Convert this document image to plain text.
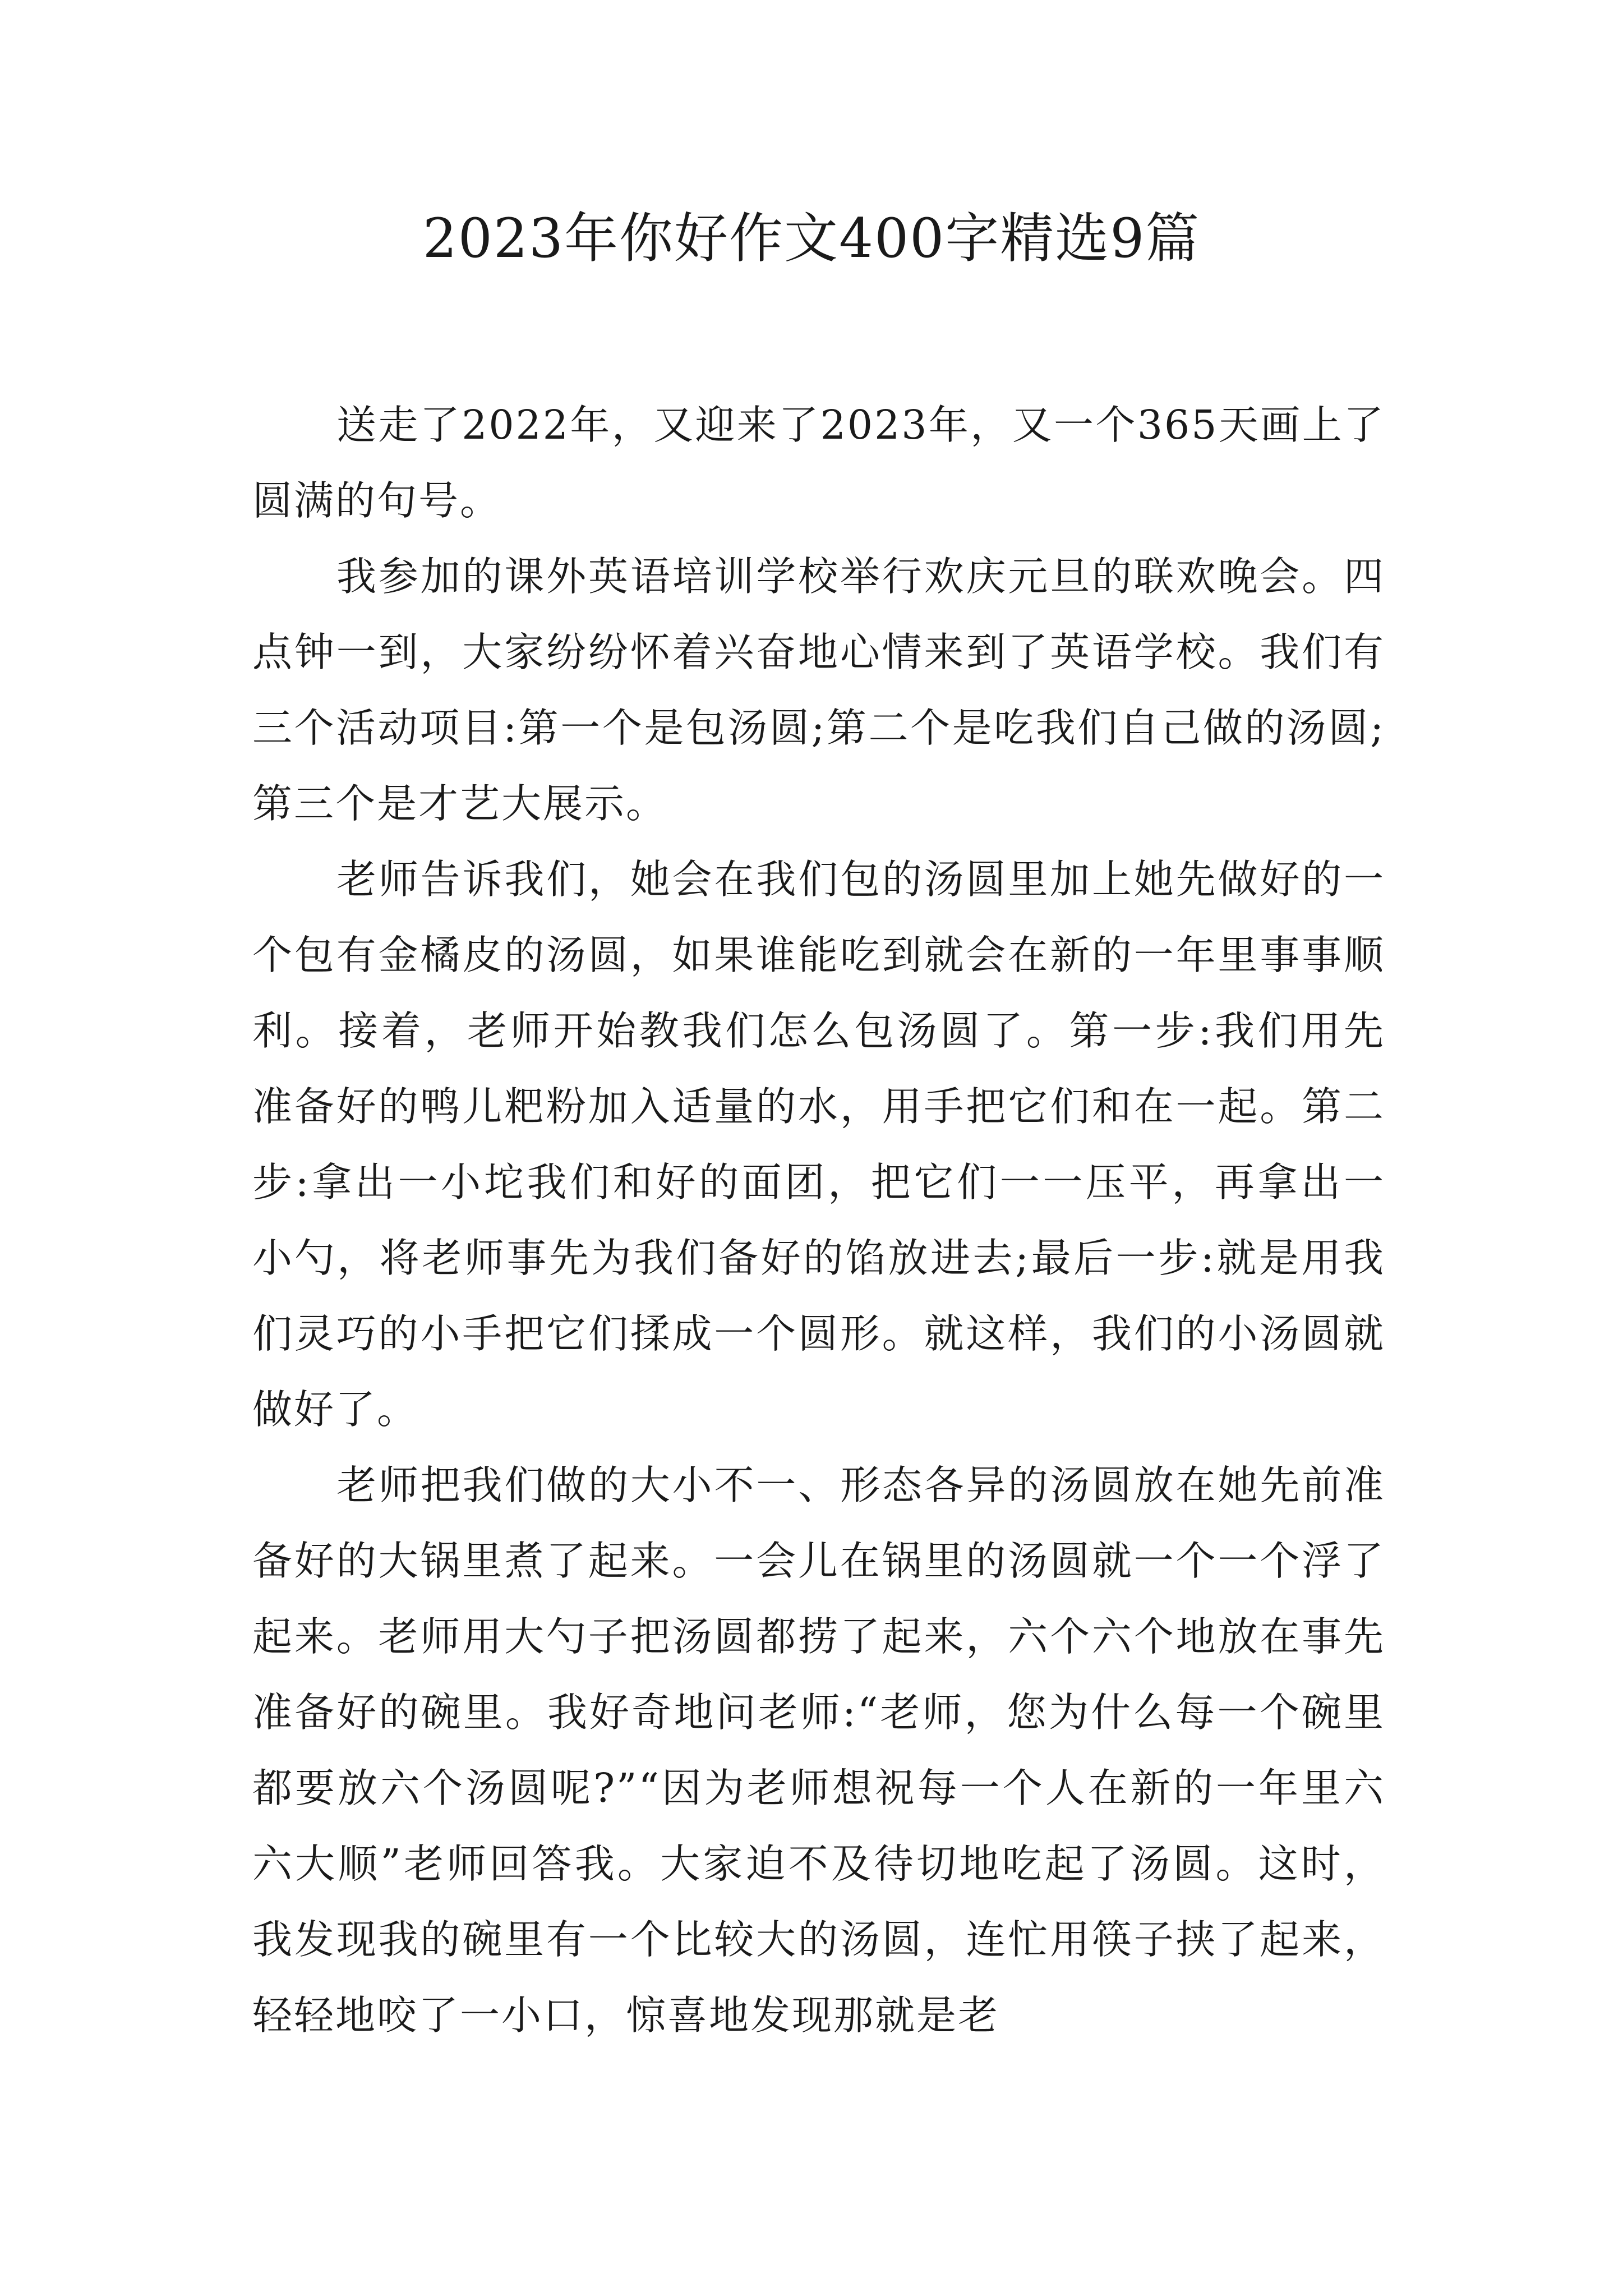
2023年你好作文400字精选9篇

送走了2022年，又迎来了2023年，又一个365天画上了圆满的句号。

我参加的课外英语培训学校举行欢庆元旦的联欢晚会。四点钟一到，大家纷纷怀着兴奋地心情来到了英语学校。我们有三个活动项目:第一个是包汤圆;第二个是吃我们自己做的汤圆;第三个是才艺大展示。

老师告诉我们，她会在我们包的汤圆里加上她先做好的一个包有金橘皮的汤圆，如果谁能吃到就会在新的一年里事事顺利。接着，老师开始教我们怎么包汤圆了。第一步:我们用先准备好的鸭儿粑粉加入适量的水，用手把它们和在一起。第二步:拿出一小坨我们和好的面团，把它们一一压平，再拿出一小勺，将老师事先为我们备好的馅放进去;最后一步:就是用我们灵巧的小手把它们揉成一个圆形。就这样，我们的小汤圆就做好了。

老师把我们做的大小不一、形态各异的汤圆放在她先前准备好的大锅里煮了起来。一会儿在锅里的汤圆就一个一个浮了起来。老师用大勺子把汤圆都捞了起来，六个六个地放在事先准备好的碗里。我好奇地问老师:“老师，您为什么每一个碗里都要放六个汤圆呢?”“因为老师想祝每一个人在新的一年里六六大顺”老师回答我。大家迫不及待切地吃起了汤圆。这时，我发现我的碗里有一个比较大的汤圆，连忙用筷子挟了起来，轻轻地咬了一小口，惊喜地发现那就是老
